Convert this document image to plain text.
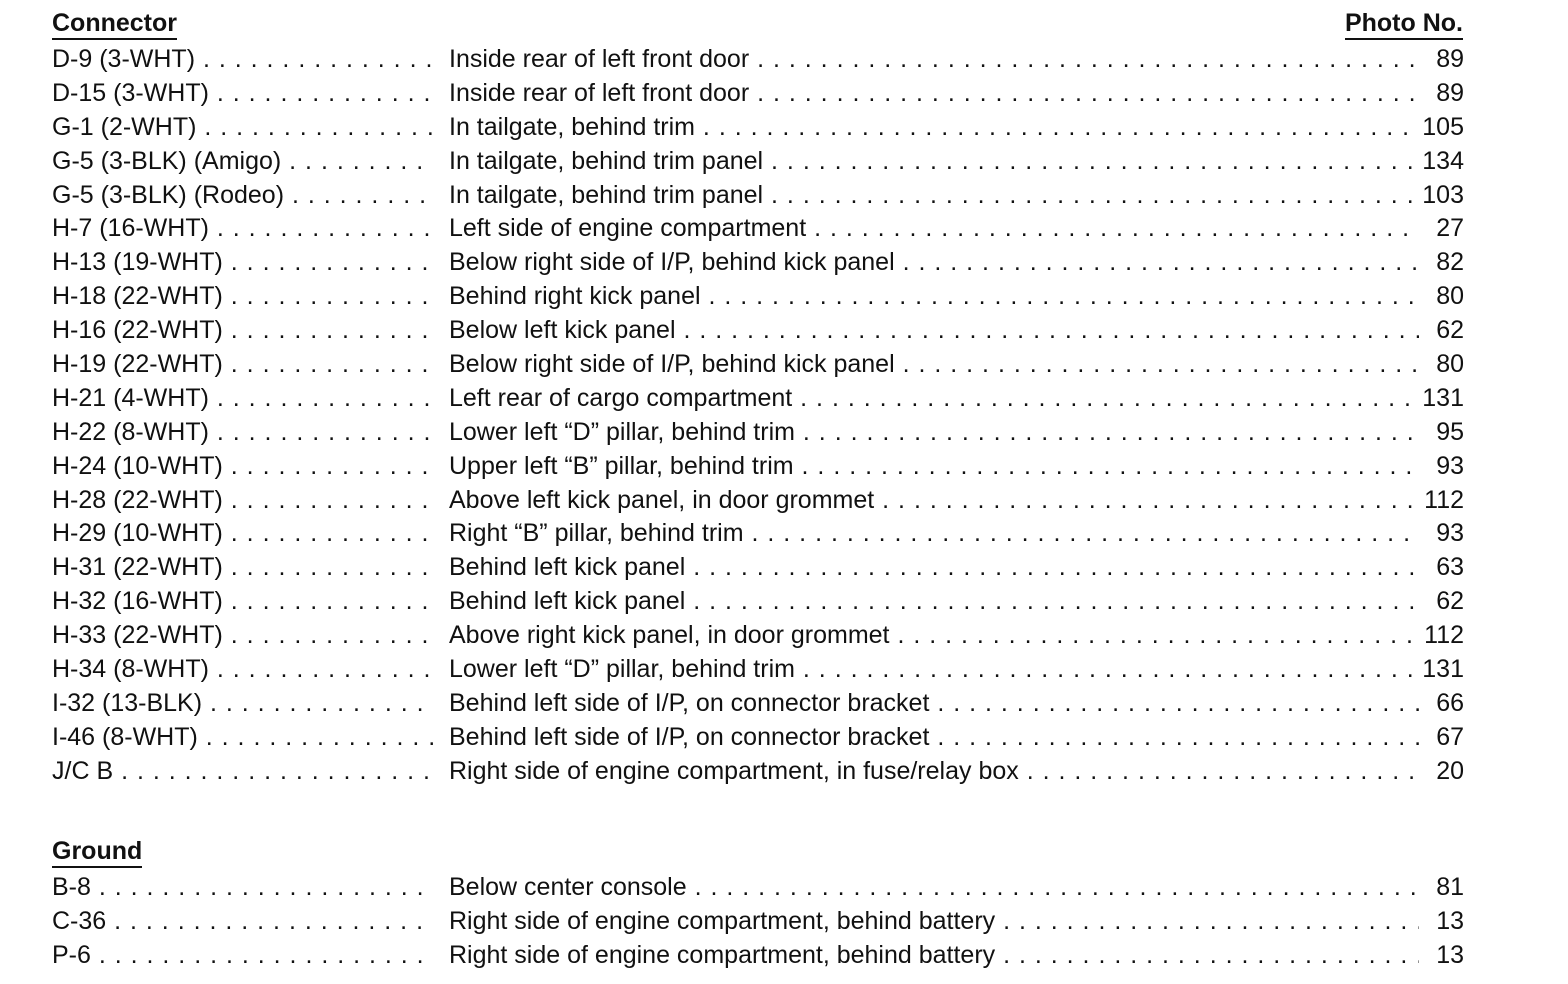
Connector	Photo No.
D-9 (3-WHT) . . .	Inside rear of left front door . . .	89
D-15 (3-WHT) . . .	Inside rear of left front door . . .	89
G-1 (2-WHT) . . .	In tailgate, behind trim . . .	105
G-5 (3-BLK) (Amigo) . . .	In tailgate, behind trim panel . . .	134
G-5 (3-BLK) (Rodeo) . . .	In tailgate, behind trim panel . . .	103
H-7 (16-WHT) . . .	Left side of engine compartment . . .	27
H-13 (19-WHT) . . .	Below right side of I/P, behind kick panel . . .	82
H-18 (22-WHT) . . .	Behind right kick panel . . .	80
H-16 (22-WHT) . . .	Below left kick panel . . .	62
H-19 (22-WHT) . . .	Below right side of I/P, behind kick panel . . .	80
H-21 (4-WHT) . . .	Left rear of cargo compartment . . .	131
H-22 (8-WHT) . . .	Lower left “D” pillar, behind trim . . .	95
H-24 (10-WHT) . . .	Upper left “B” pillar, behind trim . . .	93
H-28 (22-WHT) . . .	Above left kick panel, in door grommet . . .	112
H-29 (10-WHT) . . .	Right “B” pillar, behind trim . . .	93
H-31 (22-WHT) . . .	Behind left kick panel . . .	63
H-32 (16-WHT) . . .	Behind left kick panel . . .	62
H-33 (22-WHT) . . .	Above right kick panel, in door grommet . . .	112
H-34 (8-WHT) . . .	Lower left “D” pillar, behind trim . . .	131
I-32 (13-BLK) . . .	Behind left side of I/P, on connector bracket . . .	66
I-46 (8-WHT) . . .	Behind left side of I/P, on connector bracket . . .	67
J/C B . . .	Right side of engine compartment, in fuse/relay box . . .	20
Ground
B-8 . . .	Below center console . . .	81
C-36 . . .	Right side of engine compartment, behind battery . . .	13
P-6 . . .	Right side of engine compartment, behind battery . . .	13
